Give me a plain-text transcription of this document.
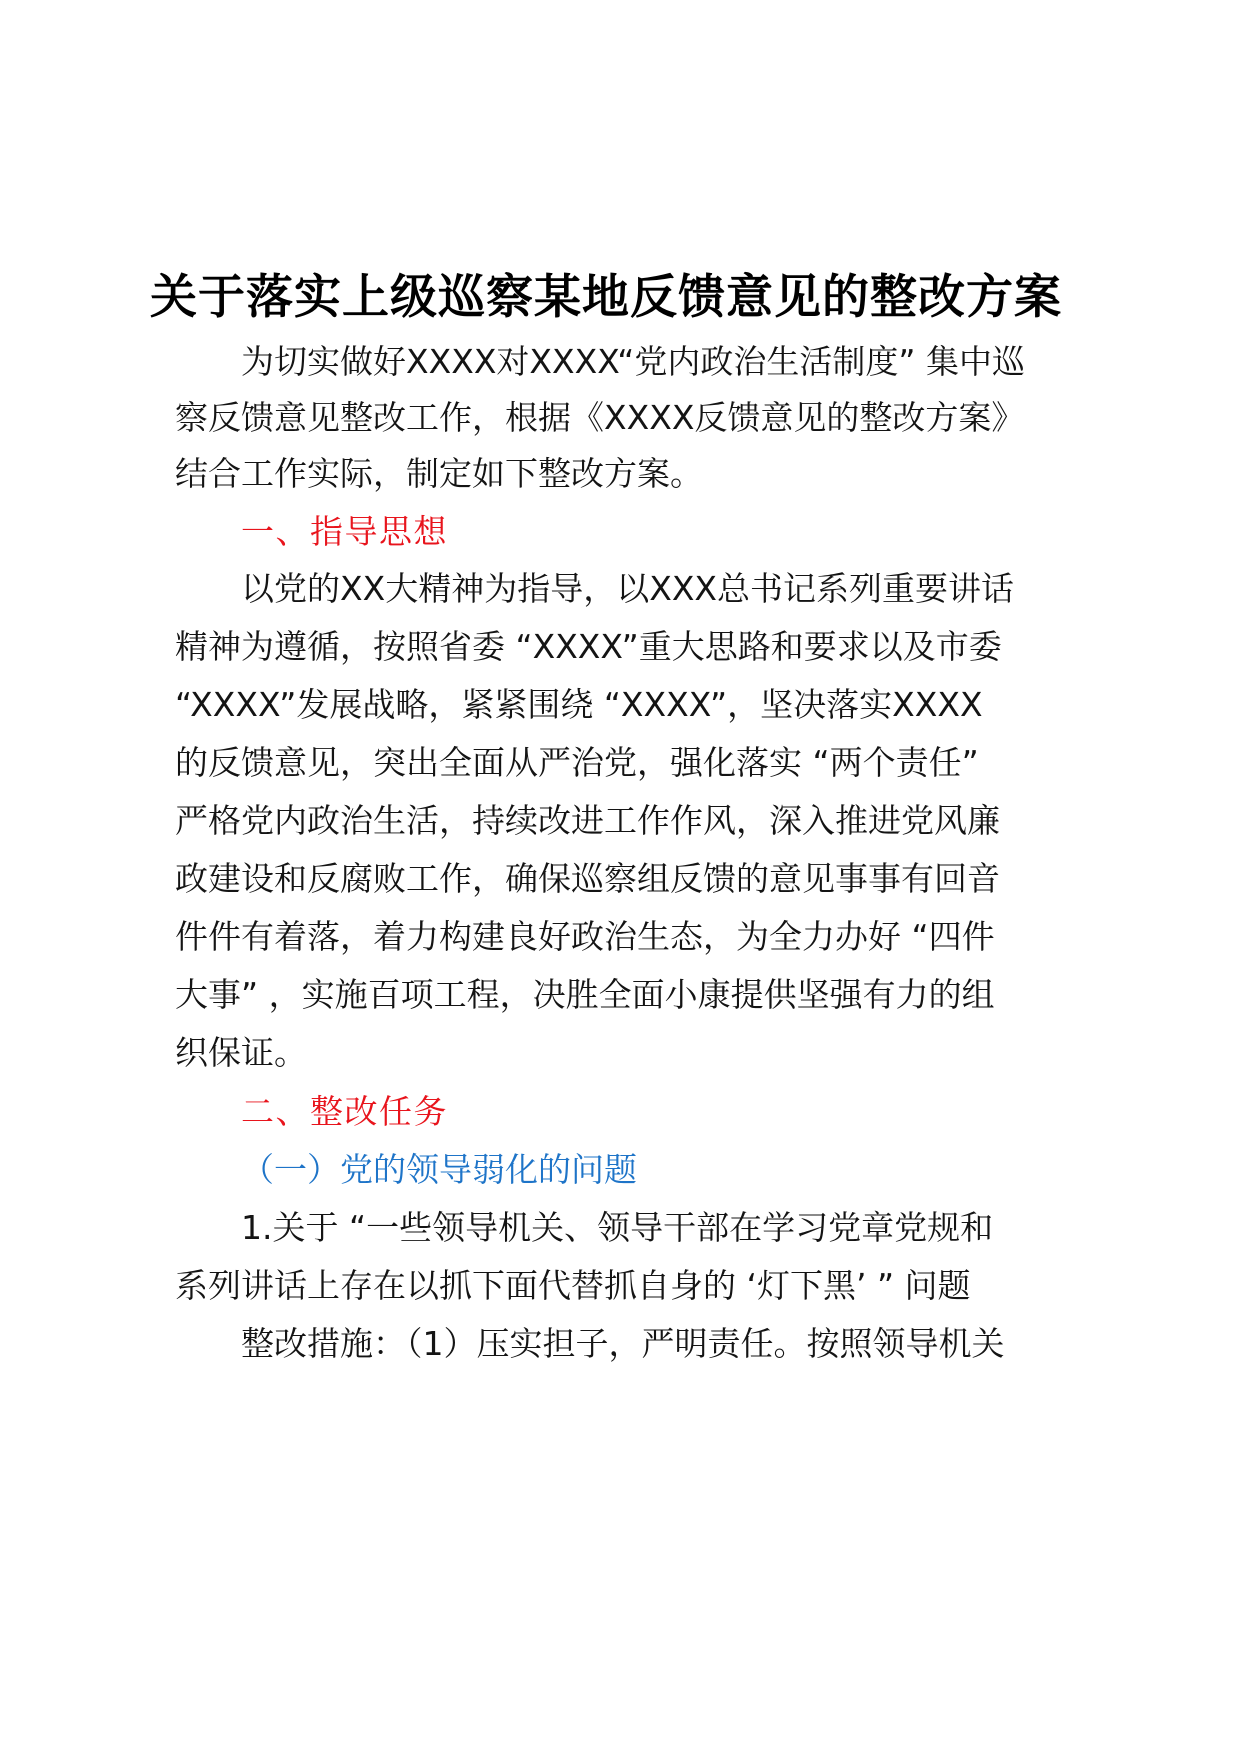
关于落实上级巡察某地反馈意见的整改方案
为切实做好XXXX对XXXX“党内政治生活制度” 集中巡
察反馈意见整改工作，根据《XXXX反馈意见的整改方案》
结合工作实际，制定如下整改方案。
一、指导思想
以党的XX大精神为指导，以XXX总书记系列重要讲话
精神为遵循，按照省委 “XXXX”重大思路和要求以及市委
“XXXX”发展战略，紧紧围绕 “XXXX”，坚决落实XXXX
的反馈意见，突出全面从严治党，强化落实 “两个责任”
严格党内政治生活，持续改进工作作风，深入推进党风廉
政建设和反腐败工作，确保巡察组反馈的意见事事有回音
件件有着落，着力构建良好政治生态，为全力办好 “四件
大事” ，实施百项工程，决胜全面小康提供坚强有力的组
织保证。
二、整改任务
（一）党的领导弱化的问题
1.关于 “一些领导机关、领导干部在学习党章党规和
系列讲话上存在以抓下面代替抓自身的 ‘灯下黑’ ” 问题
整改措施：（1）压实担子，严明责任。按照领导机关
